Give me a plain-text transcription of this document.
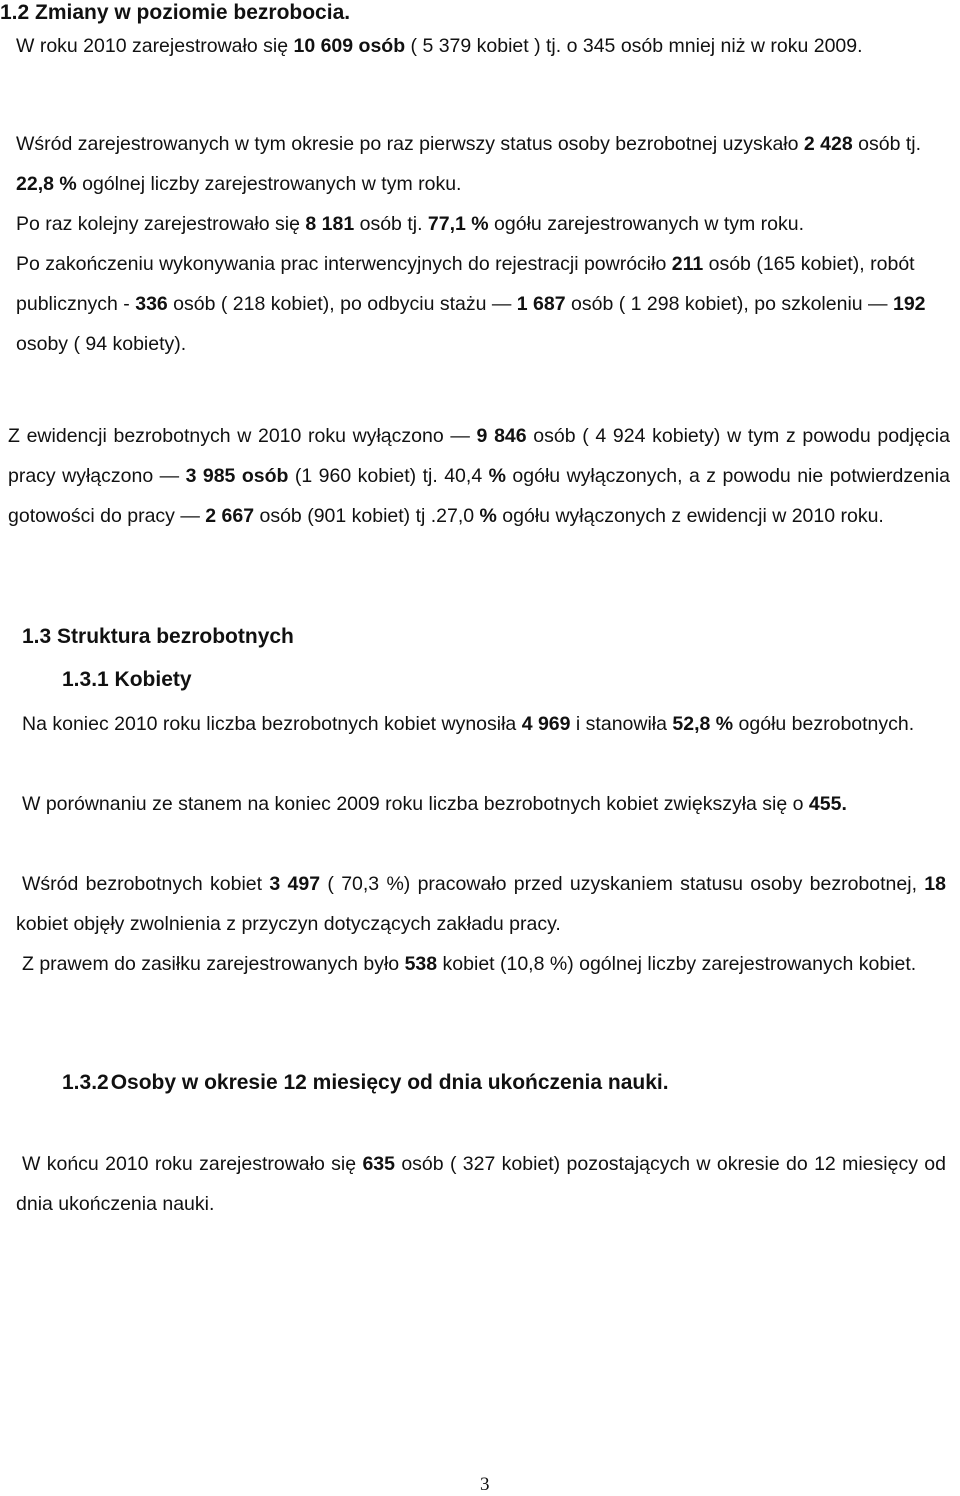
1.2 Zmiany w poziomie bezrobocia.
W roku 2010 zarejestrowało się 10 609 osób ( 5 379 kobiet ) tj. o 345 osób mniej niż w roku 2009.
Wśród zarejestrowanych w tym okresie po raz pierwszy status osoby bezrobotnej uzyskało 2 428 osób tj. 22,8 % ogólnej liczby zarejestrowanych w tym roku.
Po raz kolejny zarejestrowało się 8 181 osób tj. 77,1 % ogółu zarejestrowanych w tym roku.
Po zakończeniu wykonywania prac interwencyjnych do rejestracji powróciło 211 osób (165 kobiet), robót publicznych - 336 osób ( 218 kobiet), po odbyciu stażu ― 1 687 osób ( 1 298 kobiet), po szkoleniu ― 192 osoby ( 94 kobiety).
Z ewidencji bezrobotnych w 2010 roku wyłączono ― 9 846 osób ( 4 924 kobiety) w tym z powodu podjęcia pracy wyłączono ― 3 985 osób (1 960 kobiet) tj. 40,4 % ogółu wyłączonych, a z powodu nie potwierdzenia gotowości do pracy ― 2 667 osób (901 kobiet) tj .27,0 % ogółu wyłączonych z ewidencji w 2010 roku.
1.3 Struktura bezrobotnych
1.3.1 Kobiety
Na koniec 2010 roku liczba bezrobotnych kobiet wynosiła 4 969 i stanowiła 52,8 % ogółu bezrobotnych.
W porównaniu ze stanem na koniec 2009 roku liczba bezrobotnych kobiet zwiększyła się o 455.
Wśród bezrobotnych kobiet 3 497 ( 70,3 %) pracowało przed uzyskaniem statusu osoby bezrobotnej, 18 kobiet objęły zwolnienia z przyczyn dotyczących zakładu pracy.
Z prawem do zasiłku zarejestrowanych było 538 kobiet (10,8 %) ogólnej liczby zarejestrowanych kobiet.
1.3.2Osoby w okresie 12 miesięcy od dnia ukończenia nauki.
W końcu 2010 roku zarejestrowało się 635 osób ( 327 kobiet) pozostających w okresie do 12 miesięcy od dnia ukończenia nauki.
3
